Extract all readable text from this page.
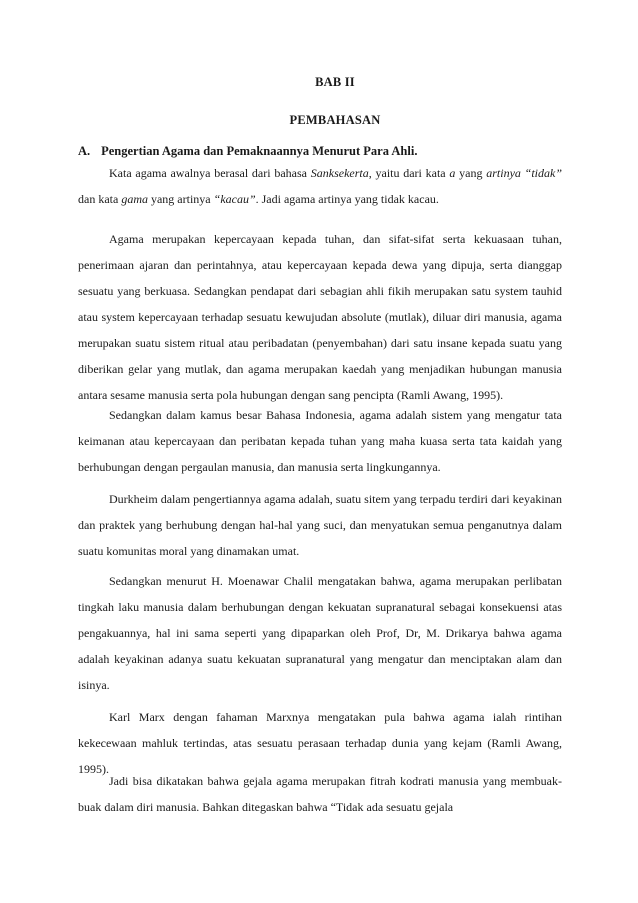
BAB II
PEMBAHASAN
A. Pengertian Agama dan Pemaknaannya Menurut Para Ahli.

Kata agama awalnya berasal dari bahasa Sanksekerta, yaitu dari kata a yang artinya “tidak” dan kata gama yang artinya “kacau”. Jadi agama artinya yang tidak kacau.

Agama merupakan kepercayaan kepada tuhan, dan sifat-sifat serta kekuasaan tuhan, penerimaan ajaran dan perintahnya, atau kepercayaan kepada dewa yang dipuja, serta dianggap sesuatu yang berkuasa. Sedangkan pendapat dari sebagian ahli fikih merupakan satu system tauhid atau system kepercayaan terhadap sesuatu kewujudan absolute (mutlak), diluar diri manusia, agama merupakan suatu sistem ritual atau peribadatan (penyembahan) dari satu insane kepada suatu yang diberikan gelar yang mutlak, dan agama merupakan kaedah yang menjadikan hubungan manusia antara sesame manusia serta pola hubungan dengan sang pencipta (Ramli Awang, 1995).

Sedangkan dalam kamus besar Bahasa Indonesia, agama adalah sistem yang mengatur tata keimanan atau kepercayaan dan peribatan kepada tuhan yang maha kuasa serta tata kaidah yang berhubungan dengan pergaulan manusia, dan manusia serta lingkungannya.

Durkheim dalam pengertiannya agama adalah, suatu sitem yang terpadu terdiri dari keyakinan dan praktek yang berhubung dengan hal-hal yang suci, dan menyatukan semua penganutnya dalam suatu komunitas moral yang dinamakan umat.

Sedangkan menurut H. Moenawar Chalil mengatakan bahwa, agama merupakan perlibatan tingkah laku manusia dalam berhubungan dengan kekuatan supranatural sebagai konsekuensi atas pengakuannya, hal ini sama seperti yang dipaparkan oleh Prof, Dr, M. Drikarya bahwa agama adalah keyakinan adanya suatu kekuatan supranatural yang mengatur dan menciptakan alam dan isinya.

Karl Marx dengan fahaman Marxnya mengatakan pula bahwa agama ialah rintihan kekecewaan mahluk tertindas, atas sesuatu perasaan terhadap dunia yang kejam (Ramli Awang, 1995).

Jadi bisa dikatakan bahwa gejala agama merupakan fitrah kodrati manusia yang membuak-buak dalam diri manusia. Bahkan ditegaskan bahwa “Tidak ada sesuatu gejala
